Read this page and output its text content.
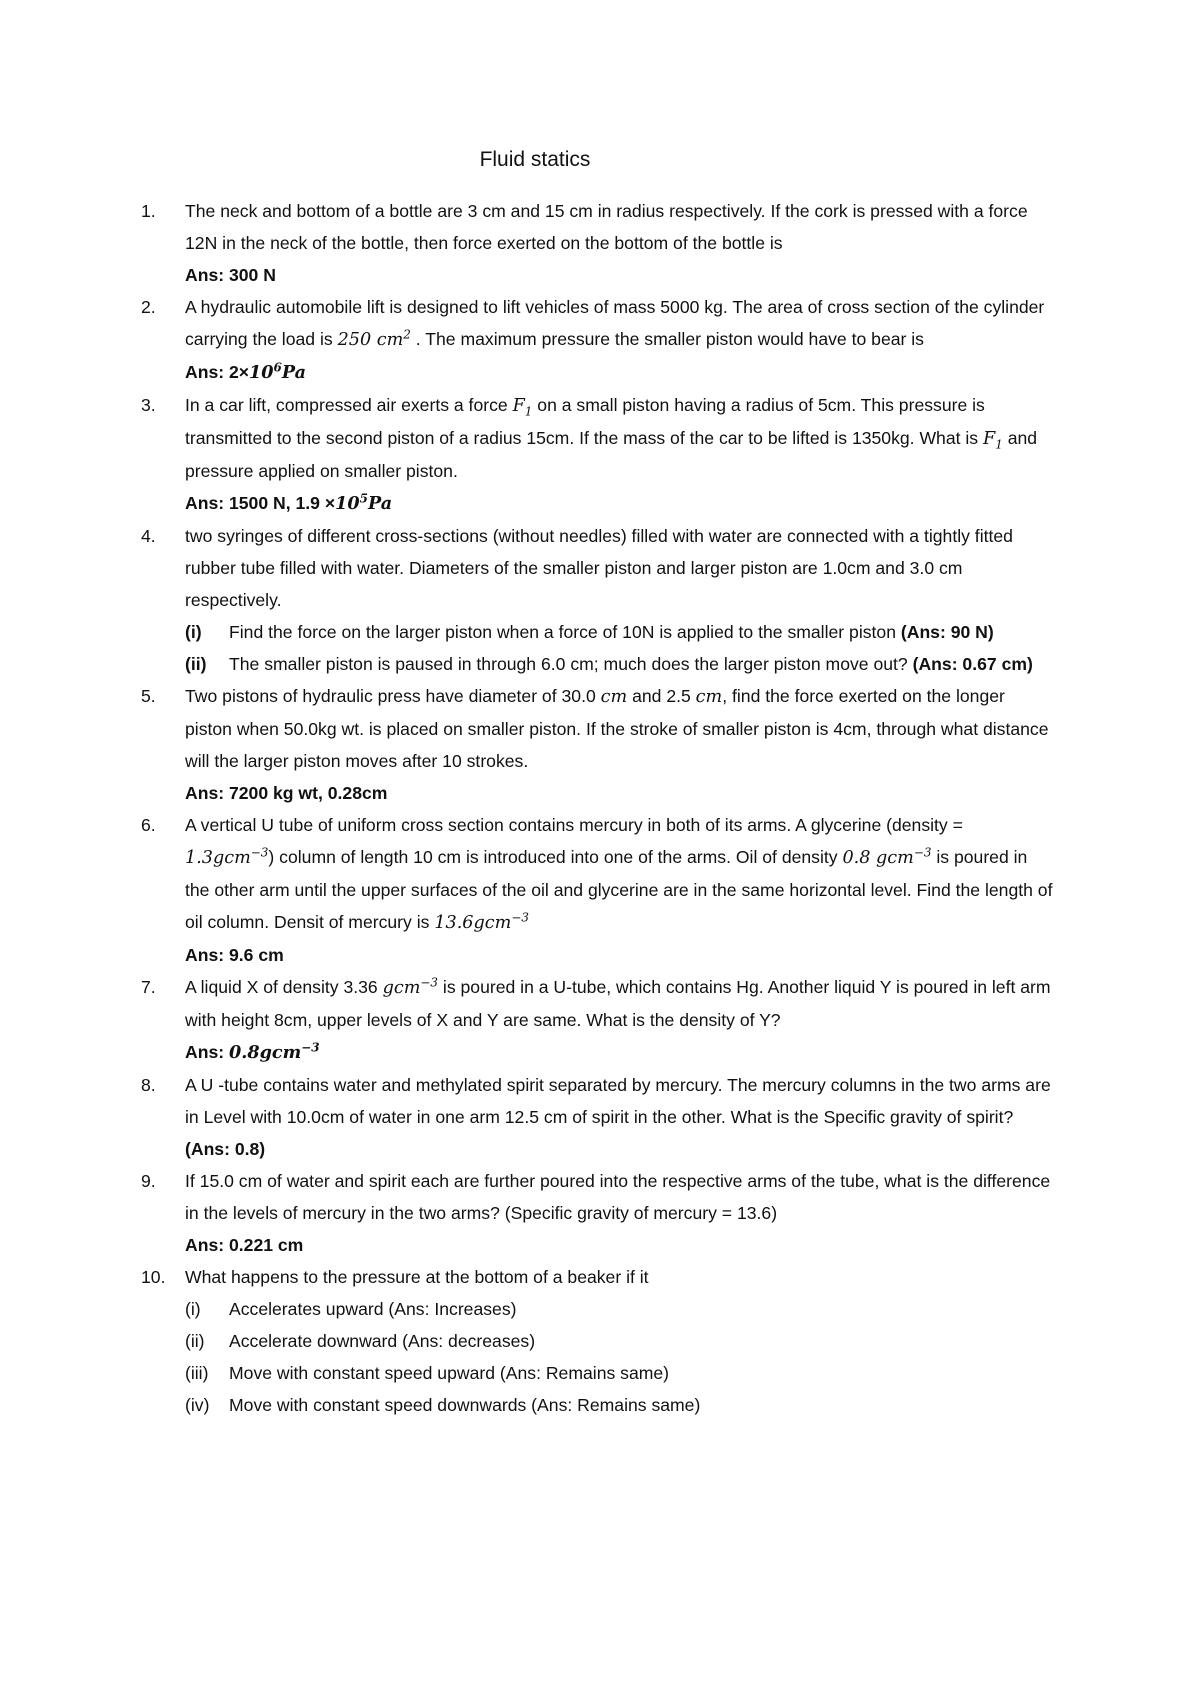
Fluid statics
1.	The neck and bottom of a bottle are 3 cm and 15 cm in radius respectively. If the cork is pressed with a force 12N in the neck of the bottle, then force exerted on the bottom of the bottle is
Ans: 300 N
2.	A hydraulic automobile lift is designed to lift vehicles of mass 5000 kg. The area of cross section of the cylinder carrying the load is 250 $cm^2$ . The maximum pressure the smaller piston would have to bear is
Ans: $2\times 10^6Pa$
3.	In a car lift, compressed air exerts a force $F_1$ on a small piston having a radius of 5cm. This pressure is transmitted to the second piston of a radius 15cm. If the mass of the car to be lifted is 1350kg. What is $F_1$ and pressure applied on smaller piston.
Ans: 1500 N, $1.9 \times 10^5Pa$
4.	two syringes of different cross-sections (without needles) filled with water are connected with a tightly fitted rubber tube filled with water. Diameters of the smaller piston and larger piston are 1.0cm and 3.0 cm respectively.
(i)	Find the force on the larger piston when a force of 10N is applied to the smaller piston (Ans: 90 N)
(ii)	The smaller piston is paused in through 6.0 cm; much does the larger piston move out? (Ans: 0.67 cm)
5.	Two pistons of hydraulic press have diameter of 30.0 cm and 2.5 cm, find the force exerted on the longer piston when 50.0kg wt. is placed on smaller piston. If the stroke of smaller piston is 4cm, through what distance will the larger piston moves after 10 strokes.
Ans: 7200 kg wt, 0.28cm
6.	A vertical U tube of uniform cross section contains mercury in both of its arms. A glycerine (density = 1.3gcm$^{-3}$) column of length 10 cm is introduced into one of the arms. Oil of density 0.8 gcm$^{-3}$ is poured in the other arm until the upper surfaces of the oil and glycerine are in the same horizontal level. Find the length of oil column. Densit of mercury is 13.6gcm$^{-3}$
Ans: 9.6 cm
7.	A liquid X of density 3.36 gcm$^{-3}$ is poured in a U-tube, which contains Hg. Another liquid Y is poured in left arm with height 8cm, upper levels of X and Y are same. What is the density of Y?
Ans: 0.8gcm$^{-3}$
8.	A U -tube contains water and methylated spirit separated by mercury. The mercury columns in the two arms are in Level with 10.0cm of water in one arm 12.5 cm of spirit in the other. What is the Specific gravity of spirit? (Ans: 0.8)
9.	If 15.0 cm of water and spirit each are further poured into the respective arms of the tube, what is the difference in the levels of mercury in the two arms? (Specific gravity of mercury = 13.6)
Ans: 0.221 cm
10.	What happens to the pressure at the bottom of a beaker if it
(i)	Accelerates upward (Ans: Increases)
(ii)	Accelerate downward (Ans: decreases)
(iii)	Move with constant speed upward (Ans: Remains same)
(iv)	Move with constant speed downwards (Ans: Remains same)
